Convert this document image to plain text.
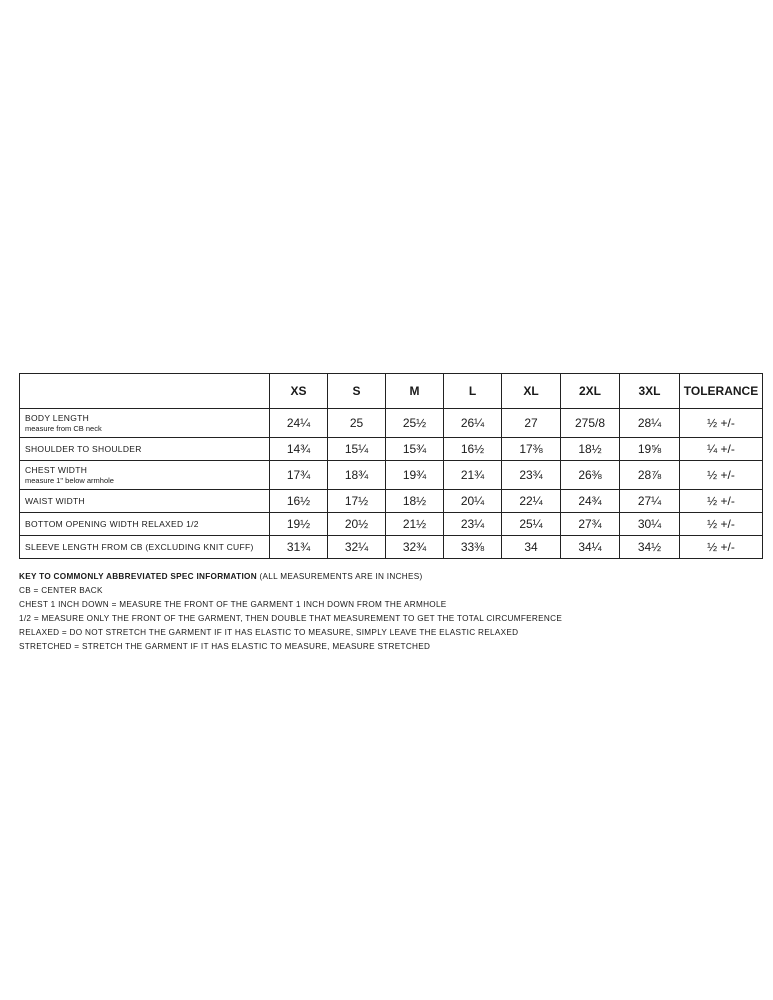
	XS	S	M	L	XL	2XL	3XL	TOLERANCE
BODY LENGTH
measure from CB neck	24¼	25	25½	26¼	27	275/8	28¼	½ +/-
SHOULDER TO SHOULDER	14¾	15¼	15¾	16½	17⅜	18½	19⅝	¼ +/-
CHEST WIDTH
measure 1" below armhole	17¾	18¾	19¾	21¾	23¾	26⅜	28⅞	½ +/-
WAIST WIDTH	16½	17½	18½	20¼	22¼	24¾	27¼	½ +/-
BOTTOM OPENING WIDTH RELAXED 1/2	19½	20½	21½	23¼	25¼	27¾	30¼	½ +/-
SLEEVE LENGTH FROM CB (EXCLUDING KNIT CUFF)	31¾	32¼	32¾	33⅜	34	34¼	34½	½ +/-
KEY TO COMMONLY ABBREVIATED SPEC INFORMATION (ALL MEASUREMENTS ARE IN INCHES)
CB = CENTER BACK
CHEST 1 INCH DOWN = MEASURE THE FRONT OF THE GARMENT 1 INCH DOWN FROM THE ARMHOLE
1/2 = MEASURE ONLY THE FRONT OF THE GARMENT, THEN DOUBLE THAT MEASUREMENT TO GET THE TOTAL CIRCUMFERENCE
RELAXED = DO NOT STRETCH THE GARMENT IF IT HAS ELASTIC TO MEASURE, SIMPLY LEAVE THE ELASTIC RELAXED
STRETCHED = STRETCH THE GARMENT IF IT HAS ELASTIC TO MEASURE, MEASURE STRETCHED
